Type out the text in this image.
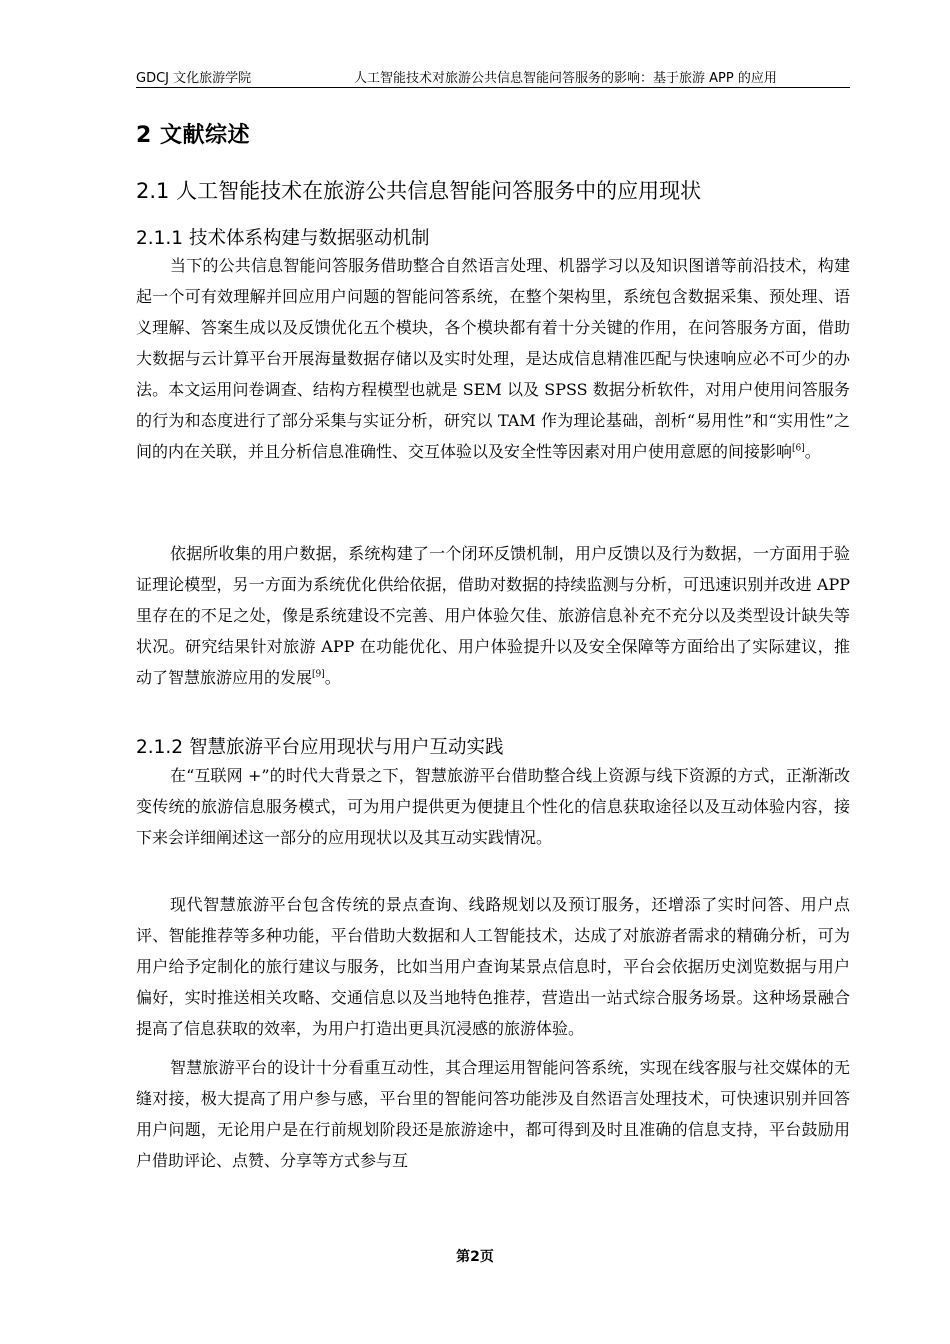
GDCJ 文化旅游学院	人工智能技术对旅游公共信息智能问答服务的影响：基于旅游 APP 的应用
2 文献综述
2.1 人工智能技术在旅游公共信息智能问答服务中的应用现状
2.1.1 技术体系构建与数据驱动机制

当下的公共信息智能问答服务借助整合自然语言处理、机器学习以及知识图谱等前沿技术，构建起一个可有效理解并回应用户问题的智能问答系统，在整个架构里，系统包含数据采集、预处理、语义理解、答案生成以及反馈优化五个模块，各个模块都有着十分关键的作用，在问答服务方面，借助大数据与云计算平台开展海量数据存储以及实时处理，是达成信息精准匹配与快速响应必不可少的办法。本文运用问卷调查、结构方程模型也就是 SEM 以及 SPSS 数据分析软件，对用户使用问答服务的行为和态度进行了部分采集与实证分析，研究以 TAM 作为理论基础，剖析“易用性”和“实用性”之间的内在关联，并且分析信息准确性、交互体验以及安全性等因素对用户使用意愿的间接影响[6]。

依据所收集的用户数据，系统构建了一个闭环反馈机制，用户反馈以及行为数据，一方面用于验证理论模型，另一方面为系统优化供给依据，借助对数据的持续监测与分析，可迅速识别并改进 APP 里存在的不足之处，像是系统建设不完善、用户体验欠佳、旅游信息补充不充分以及类型设计缺失等状况。研究结果针对旅游 APP 在功能优化、用户体验提升以及安全保障等方面给出了实际建议，推动了智慧旅游应用的发展[9]。

2.1.2 智慧旅游平台应用现状与用户互动实践

在“互联网 +”的时代大背景之下，智慧旅游平台借助整合线上资源与线下资源的方式，正渐渐改变传统的旅游信息服务模式，可为用户提供更为便捷且个性化的信息获取途径以及互动体验内容，接下来会详细阐述这一部分的应用现状以及其互动实践情况。

现代智慧旅游平台包含传统的景点查询、线路规划以及预订服务，还增添了实时问答、用户点评、智能推荐等多种功能，平台借助大数据和人工智能技术，达成了对旅游者需求的精确分析，可为用户给予定制化的旅行建议与服务，比如当用户查询某景点信息时，平台会依据历史浏览数据与用户偏好，实时推送相关攻略、交通信息以及当地特色推荐，营造出一站式综合服务场景。这种场景融合提高了信息获取的效率，为用户打造出更具沉浸感的旅游体验。

智慧旅游平台的设计十分看重互动性，其合理运用智能问答系统，实现在线客服与社交媒体的无缝对接，极大提高了用户参与感，平台里的智能问答功能涉及自然语言处理技术，可快速识别并回答用户问题，无论用户是在行前规划阶段还是旅游途中，都可得到及时且准确的信息支持，平台鼓励用户借助评论、点赞、分享等方式参与互

第2页
